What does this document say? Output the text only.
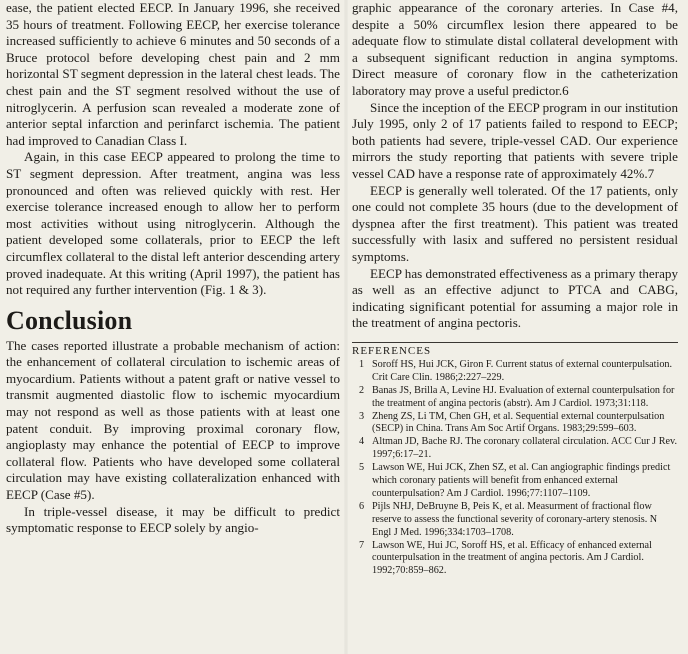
ease, the patient elected EECP. In January 1996, she received 35 hours of treatment. Following EECP, her exercise tolerance increased sufficiently to achieve 6 minutes and 50 seconds of a Bruce protocol before developing chest pain and 2 mm horizontal ST segment depression in the lateral chest leads. The chest pain and the ST segment resolved without the use of nitroglycerin. A perfusion scan revealed a moderate zone of anterior septal infarction and perinfarct ischemia. The patient had improved to Canadian Class I.

Again, in this case EECP appeared to prolong the time to ST segment depression. After treatment, angina was less pronounced and often was relieved quickly with rest. Her exercise tolerance increased enough to allow her to perform most activities without using nitroglycerin. Although the patient developed some collaterals, prior to EECP the left circumflex collateral to the distal left anterior descending artery proved inadequate. At this writing (April 1997), the patient has not required any further intervention (Fig. 1 & 3).

Conclusion

The cases reported illustrate a probable mechanism of action: the enhancement of collateral circulation to ischemic areas of myocardium. Patients without a patent graft or native vessel to transmit augmented diastolic flow to ischemic myocardium may not respond as well as those patients with at least one patent conduit. By improving proximal coronary flow, angioplasty may enhance the potential of EECP to improve collateral flow. Patients who have developed some collateral circulation may have existing collateralization enhanced with EECP (Case #5).

In triple-vessel disease, it may be difficult to predict symptomatic response to EECP solely by angio-

graphic appearance of the coronary arteries. In Case #4, despite a 50% circumflex lesion there appeared to be adequate flow to stimulate distal collateral development with a subsequent significant reduction in angina symptoms. Direct measure of coronary flow in the catheterization laboratory may prove a useful predictor.6

Since the inception of the EECP program in our institution July 1995, only 2 of 17 patients failed to respond to EECP; both patients had severe, triple-vessel CAD. Our experience mirrors the study reporting that patients with severe triple vessel CAD have a response rate of approximately 42%.7

EECP is generally well tolerated. Of the 17 patients, only one could not complete 35 hours (due to the development of dyspnea after the first treatment). This patient was treated successfully with lasix and suffered no persistent residual symptoms.

EECP has demonstrated effectiveness as a primary therapy as well as an effective adjunct to PTCA and CABG, indicating significant potential for assuming a major role in the treatment of angina pectoris.

REFERENCES
1 Soroff HS, Hui JCK, Giron F. Current status of external counterpulsation. Crit Care Clin. 1986;2:227–229.
2 Banas JS, Brilla A, Levine HJ. Evaluation of external counterpulsation for the treatment of angina pectoris (abstr). Am J Cardiol. 1973;31:118.
3 Zheng ZS, Li TM, Chen GH, et al. Sequential external counterpulsation (SECP) in China. Trans Am Soc Artif Organs. 1983;29:599–603.
4 Altman JD, Bache RJ. The coronary collateral circulation. ACC Cur J Rev. 1997;6:17–21.
5 Lawson WE, Hui JCK, Zhen SZ, et al. Can angiographic findings predict which coronary patients will benefit from enhanced external counterpulsation? Am J Cardiol. 1996;77:1107–1109.
6 Pijls NHJ, DeBruyne B, Peis K, et al. Measurment of fractional flow reserve to assess the functional severity of coronary-artery stenosis. N Engl J Med. 1996;334:1703–1708.
7 Lawson WE, Hui JC, Soroff HS, et al. Efficacy of enhanced external counterpulsation in the treatment of angina pectoris. Am J Cardiol. 1992;70:859–862.
